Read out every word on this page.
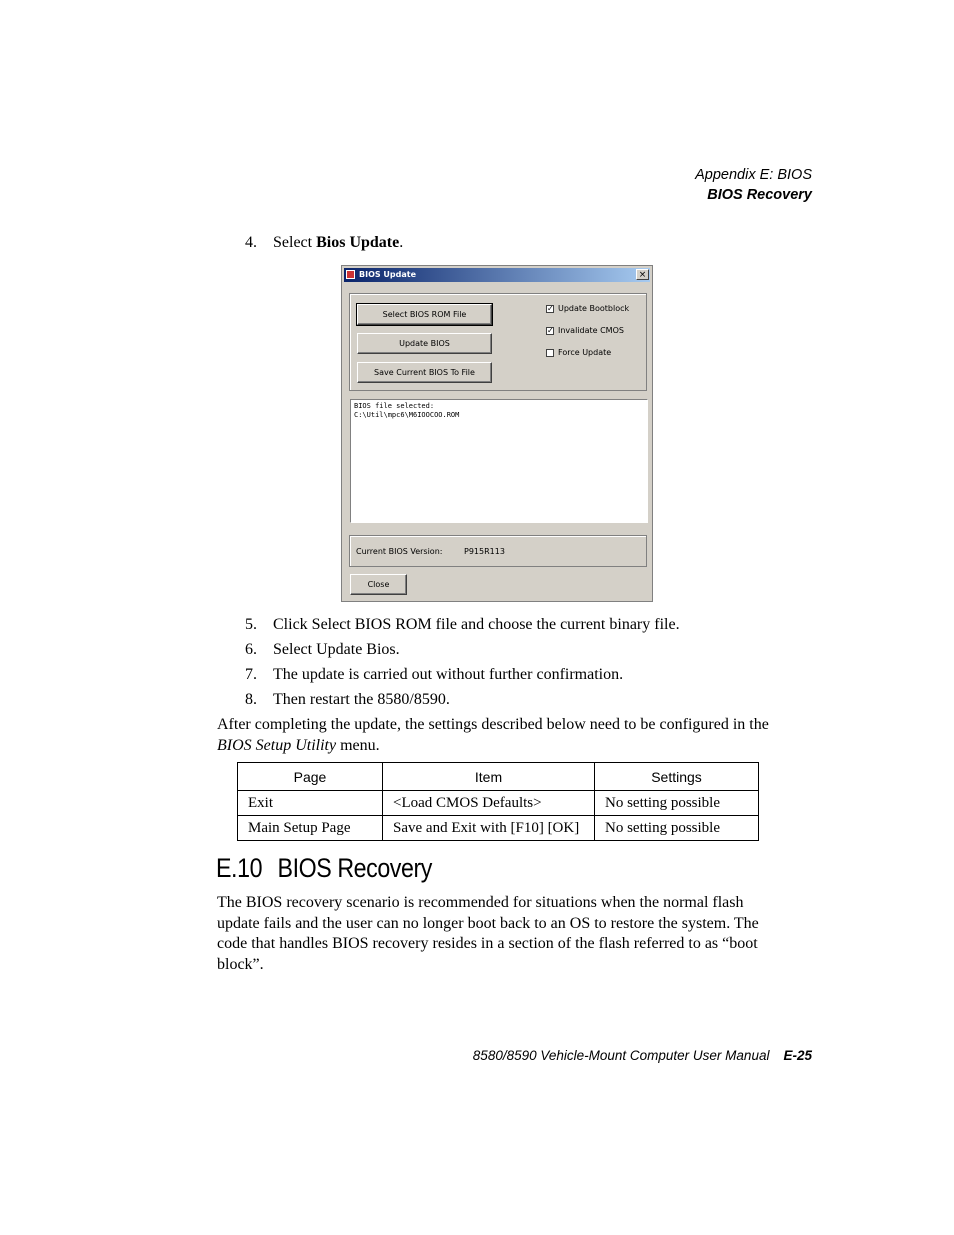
Appendix E: BIOS
BIOS Recovery
4. Select Bios Update.
BIOS Update	×
Select BIOS ROM File
Update BIOS
Save Current BIOS To File
✓ Update Bootblock
✓ Invalidate CMOS
Force Update
BIOS file selected:
C:\Util\mpc6\M6IOOCOO.ROM
Current BIOS Version:	P915R113
Close
5. Click Select BIOS ROM file and choose the current binary file.
6. Select Update Bios.
7. The update is carried out without further confirmation.
8. Then restart the 8580/8590.
After completing the update, the settings described below need to be configured in the BIOS Setup Utility menu.
Page	Item	Settings
Exit	<Load CMOS Defaults>	No setting possible
Main Setup Page	Save and Exit with [F10] [OK]	No setting possible
E.10 BIOS Recovery
The BIOS recovery scenario is recommended for situations when the normal flash update fails and the user can no longer boot back to an OS to restore the system. The code that handles BIOS recovery resides in a section of the flash referred to as “boot block”.
8580/8590 Vehicle-Mount Computer User Manual E-25
